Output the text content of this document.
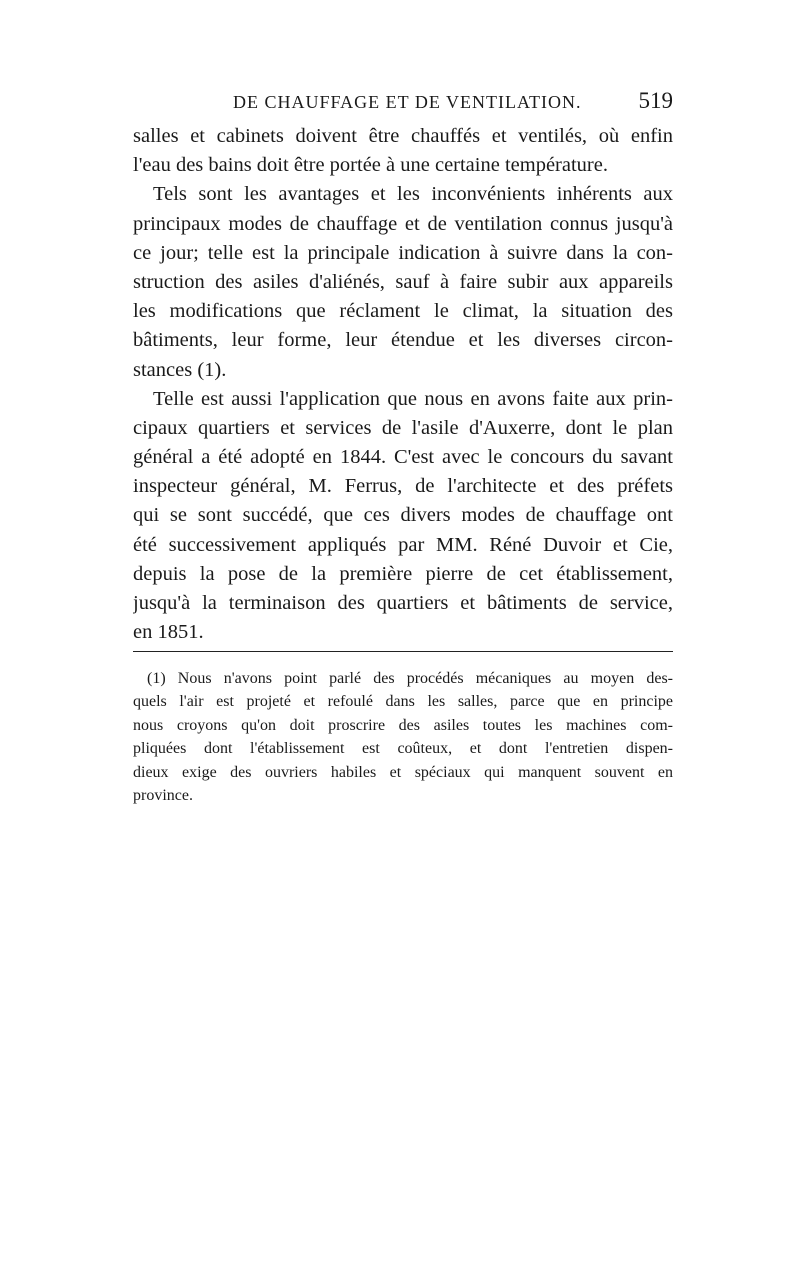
DE CHAUFFAGE ET DE VENTILATION. 519
salles et cabinets doivent être chauffés et ventilés, où enfin
l'eau des bains doit être portée à une certaine température.
Tels sont les avantages et les inconvénients inhérents aux
principaux modes de chauffage et de ventilation connus jusqu'à
ce jour; telle est la principale indication à suivre dans la con-
struction des asiles d'aliénés, sauf à faire subir aux appareils
les modifications que réclament le climat, la situation des
bâtiments, leur forme, leur étendue et les diverses circon-
stances (1).
Telle est aussi l'application que nous en avons faite aux prin-
cipaux quartiers et services de l'asile d'Auxerre, dont le plan
général a été adopté en 1844. C'est avec le concours du savant
inspecteur général, M. Ferrus, de l'architecte et des préfets
qui se sont succédé, que ces divers modes de chauffage ont
été successivement appliqués par MM. Réné Duvoir et Cie,
depuis la pose de la première pierre de cet établissement,
jusqu'à la terminaison des quartiers et bâtiments de service,
en 1851.
(1) Nous n'avons point parlé des procédés mécaniques au moyen des-
quels l'air est projeté et refoulé dans les salles, parce que en principe
nous croyons qu'on doit proscrire des asiles toutes les machines com-
pliquées dont l'établissement est coûteux, et dont l'entretien dispen-
dieux exige des ouvriers habiles et spéciaux qui manquent souvent en
province.
